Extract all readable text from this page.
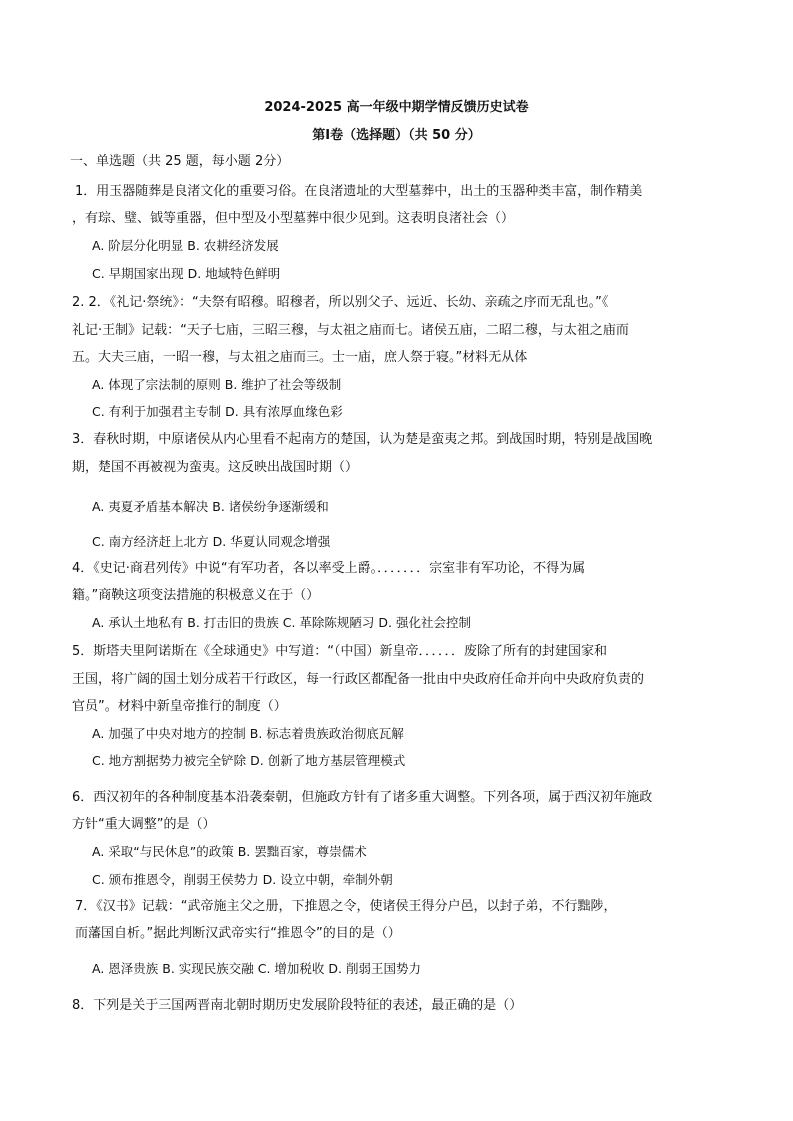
2024-2025 高一年级中期学情反馈历史试卷
第Ⅰ卷（选择题）（共 50 分）
一、单选题（共 25 题，每小题 2分）
1．用玉器随葬是良渚文化的重要习俗。在良渚遗址的大型墓葬中，出土的玉器种类丰富，制作精美
，有琮、璧、钺等重器，但中型及小型墓葬中很少见到。这表明良渚社会（）
A. 阶层分化明显 B. 农耕经济发展
C. 早期国家出现 D. 地域特色鲜明
2. 2．《礼记·祭统》：“夫祭有昭穆。昭穆者，所以别父子、远近、长幼、亲疏之序而无乱也。”《
礼记·王制》记载：“天子七庙，三昭三穆，与太祖之庙而七。诸侯五庙，二昭二穆，与太祖之庙而
五。大夫三庙，一昭一穆，与太祖之庙而三。士一庙，庶人祭于寝。”材料无从体
A. 体现了宗法制的原则 B. 维护了社会等级制
C. 有利于加强君主专制 D. 具有浓厚血缘色彩
3．春秋时期，中原诸侯从内心里看不起南方的楚国，认为楚是蛮夷之邦。到战国时期，特别是战国晚
期，楚国不再被视为蛮夷。这反映出战国时期（）
A. 夷夏矛盾基本解决 B. 诸侯纷争逐渐缓和
C. 南方经济赶上北方 D. 华夏认同观念增强
4．《史记·商君列传》中说“有军功者，各以率受上爵。．．．．．．．宗室非有军功论，不得为属
籍。”商鞅这项变法措施的积极意义在于（）
A. 承认土地私有 B. 打击旧的贵族 C. 革除陈规陋习 D. 强化社会控制
5．斯塔夫里阿诺斯在《全球通史》中写道：“（中国）新皇帝．．．．．．废除了所有的封建国家和
王国，将广阔的国土划分成若干行政区，每一行政区都配备一批由中央政府任命并向中央政府负责的
官员”。材料中新皇帝推行的制度（）
A. 加强了中央对地方的控制 B. 标志着贵族政治彻底瓦解
C. 地方割据势力被完全铲除 D. 创新了地方基层管理模式
6．西汉初年的各种制度基本沿袭秦朝，但施政方针有了诸多重大调整。下列各项，属于西汉初年施政
方针“重大调整”的是（）
A. 采取“与民休息”的政策 B. 罢黜百家，尊崇儒术
C. 颁布推恩令，削弱王侯势力 D. 设立中朝，牵制外朝
7．《汉书》记载：“武帝施主父之册，下推恩之令，使诸侯王得分户邑，以封子弟，不行黜陟，
而藩国自析。”据此判断汉武帝实行“推恩令”的目的是（）
A. 恩泽贵族 B. 实现民族交融 C. 增加税收 D. 削弱王国势力
8．下列是关于三国两晋南北朝时期历史发展阶段特征的表述，最正确的是（）
